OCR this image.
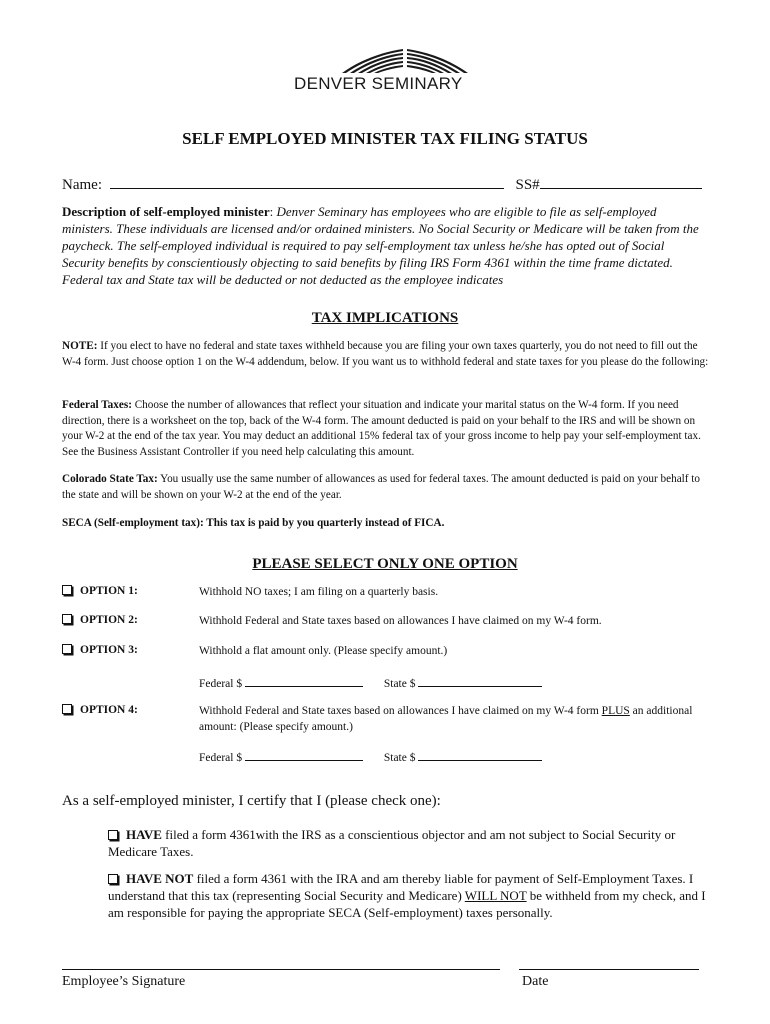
DENVER SEMINARY
SELF EMPLOYED MINISTER TAX FILING STATUS
Name:	SS#
Description of self-employed minister: Denver Seminary has employees who are eligible to file as self-employed ministers. These individuals are licensed and/or ordained ministers. No Social Security or Medicare will be taken from the paycheck. The self-employed individual is required to pay self-employment tax unless he/she has opted out of Social Security benefits by conscientiously objecting to said benefits by filing IRS Form 4361 within the time frame dictated. Federal tax and State tax will be deducted or not deducted as the employee indicates
TAX IMPLICATIONS
NOTE: If you elect to have no federal and state taxes withheld because you are filing your own taxes quarterly, you do not need to fill out the W-4 form. Just choose option 1 on the W-4 addendum, below. If you want us to withhold federal and state taxes for you please do the following:
Federal Taxes: Choose the number of allowances that reflect your situation and indicate your marital status on the W-4 form. If you need direction, there is a worksheet on the top, back of the W-4 form. The amount deducted is paid on your behalf to the IRS and will be shown on your W-2 at the end of the tax year. You may deduct an additional 15% federal tax of your gross income to help pay your self-employment tax. See the Business Assistant Controller if you need help calculating this amount.
Colorado State Tax: You usually use the same number of allowances as used for federal taxes. The amount deducted is paid on your behalf to the state and will be shown on your W-2 at the end of the year.
SECA (Self-employment tax): This tax is paid by you quarterly instead of FICA.
PLEASE SELECT ONLY ONE OPTION
OPTION 1:	Withhold NO taxes; I am filing on a quarterly basis.
OPTION 2:	Withhold Federal and State taxes based on allowances I have claimed on my W-4 form.
OPTION 3:	Withhold a flat amount only. (Please specify amount.)
Federal $	State $
OPTION 4:	Withhold Federal and State taxes based on allowances I have claimed on my W-4 form PLUS an additional amount: (Please specify amount.)
Federal $	State $
As a self-employed minister, I certify that I (please check one):
HAVE filed a form 4361with the IRS as a conscientious objector and am not subject to Social Security or Medicare Taxes.
HAVE NOT filed a form 4361 with the IRA and am thereby liable for payment of Self-Employment Taxes. I understand that this tax (representing Social Security and Medicare) WILL NOT be withheld from my check, and I am responsible for paying the appropriate SECA (Self-employment) taxes personally.
Employee’s Signature	Date
